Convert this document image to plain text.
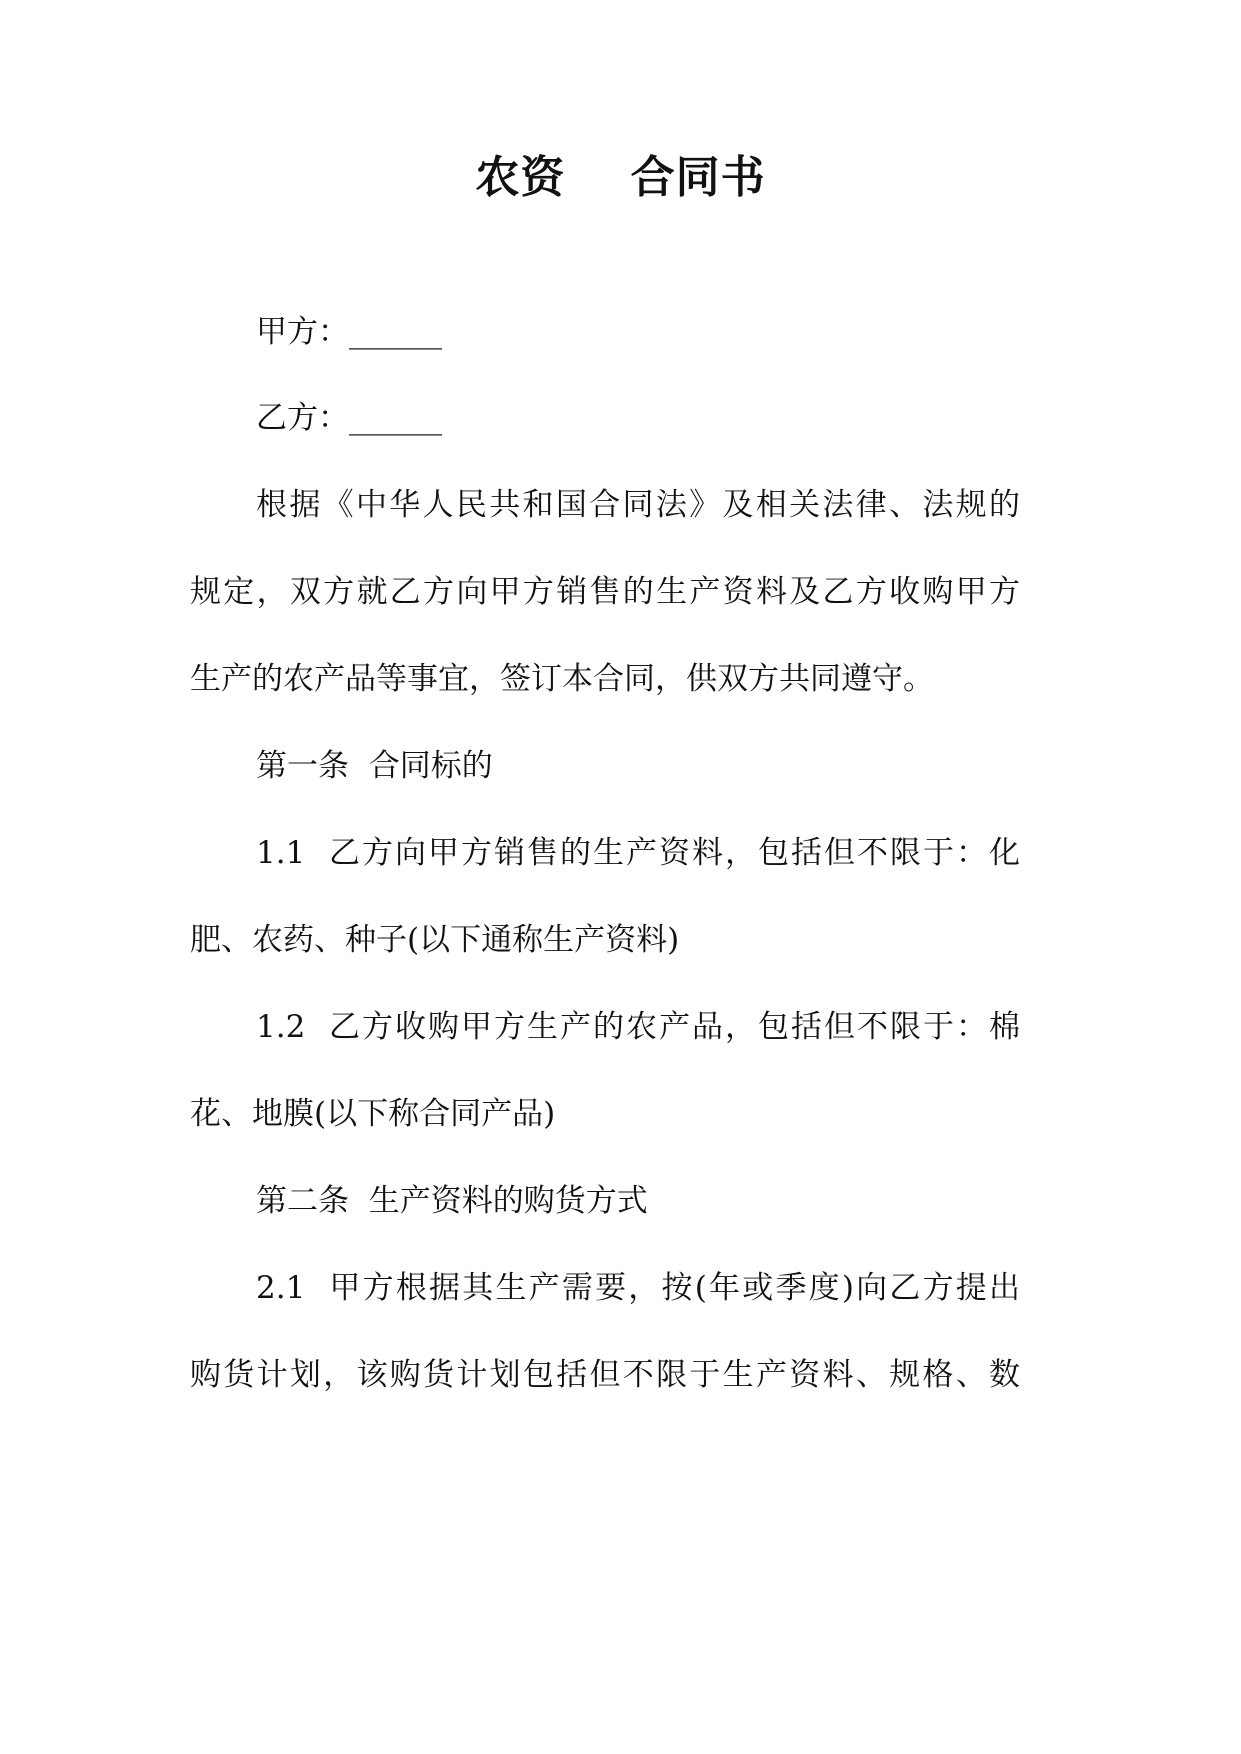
农资    合同书
甲方：______
乙方：______
根据《中华人民共和国合同法》及相关法律、法规的
规定，双方就乙方向甲方销售的生产资料及乙方收购甲方
生产的农产品等事宜，签订本合同，供双方共同遵守。
第一条  合同标的
1.1  乙方向甲方销售的生产资料，包括但不限于：化
肥、农药、种子(以下通称生产资料)
1.2  乙方收购甲方生产的农产品，包括但不限于：棉
花、地膜(以下称合同产品)
第二条  生产资料的购货方式
2.1  甲方根据其生产需要，按(年或季度)向乙方提出
购货计划，该购货计划包括但不限于生产资料、规格、数
